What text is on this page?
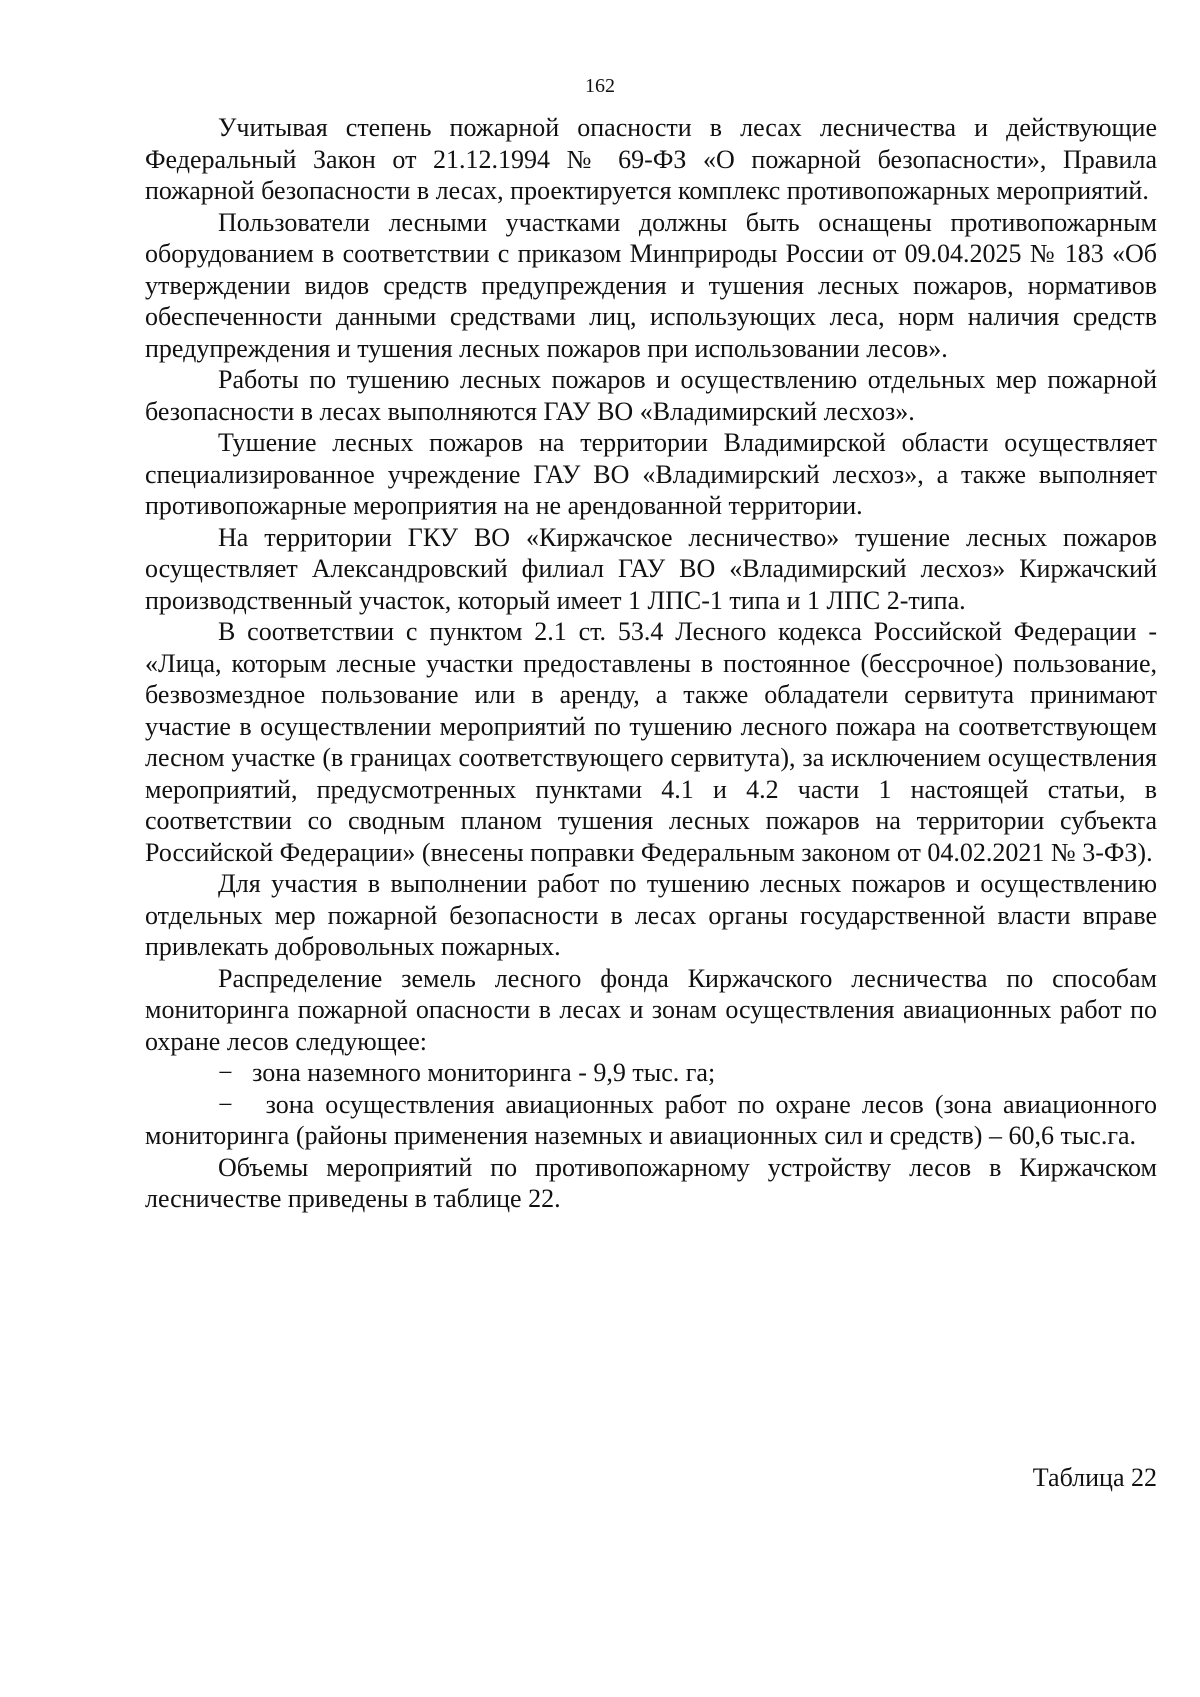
162

Учитывая степень пожарной опасности в лесах лесничества и действующие Федеральный Закон от 21.12.1994 № 69-ФЗ «О пожарной безопасности», Правила пожарной безопасности в лесах, проектируется комплекс противопожарных мероприятий.

Пользователи лесными участками должны быть оснащены противопожарным оборудованием в соответствии с приказом Минприроды России от 09.04.2025 № 183 «Об утверждении видов средств предупреждения и тушения лесных пожаров, нормативов обеспеченности данными средствами лиц, использующих леса, норм наличия средств предупреждения и тушения лесных пожаров при использовании лесов».

Работы по тушению лесных пожаров и осуществлению отдельных мер пожарной безопасности в лесах выполняются ГАУ ВО «Владимирский лесхоз».

Тушение лесных пожаров на территории Владимирской области осуществляет специализированное учреждение ГАУ ВО «Владимирский лесхоз», а также выполняет противопожарные мероприятия на не арендованной территории.

На территории ГКУ ВО «Киржачское лесничество» тушение лесных пожаров осуществляет Александровский филиал ГАУ ВО «Владимирский лесхоз» Киржачский производственный участок, который имеет 1 ЛПС-1 типа и 1 ЛПС 2-типа.

В соответствии с пунктом 2.1 ст. 53.4 Лесного кодекса Российской Федерации - «Лица, которым лесные участки предоставлены в постоянное (бессрочное) пользование, безвозмездное пользование или в аренду, а также обладатели сервитута принимают участие в осуществлении мероприятий по тушению лесного пожара на соответствующем лесном участке (в границах соответствующего сервитута), за исключением осуществления мероприятий, предусмотренных пунктами 4.1 и 4.2 части 1 настоящей статьи, в соответствии со сводным планом тушения лесных пожаров на территории субъекта Российской Федерации» (внесены поправки Федеральным законом от 04.02.2021 № 3-ФЗ).

Для участия в выполнении работ по тушению лесных пожаров и осуществлению отдельных мер пожарной безопасности в лесах органы государственной власти вправе привлекать добровольных пожарных.

Распределение земель лесного фонда Киржачского лесничества по способам мониторинга пожарной опасности в лесах и зонам осуществления авиационных работ по охране лесов следующее:

−   зона наземного мониторинга - 9,9 тыс. га;

−   зона осуществления авиационных работ по охране лесов (зона авиационного мониторинга (районы применения наземных и авиационных сил и средств) – 60,6 тыс.га.

Объемы мероприятий по противопожарному устройству лесов в Киржачском лесничестве приведены в таблице 22.

Таблица 22
